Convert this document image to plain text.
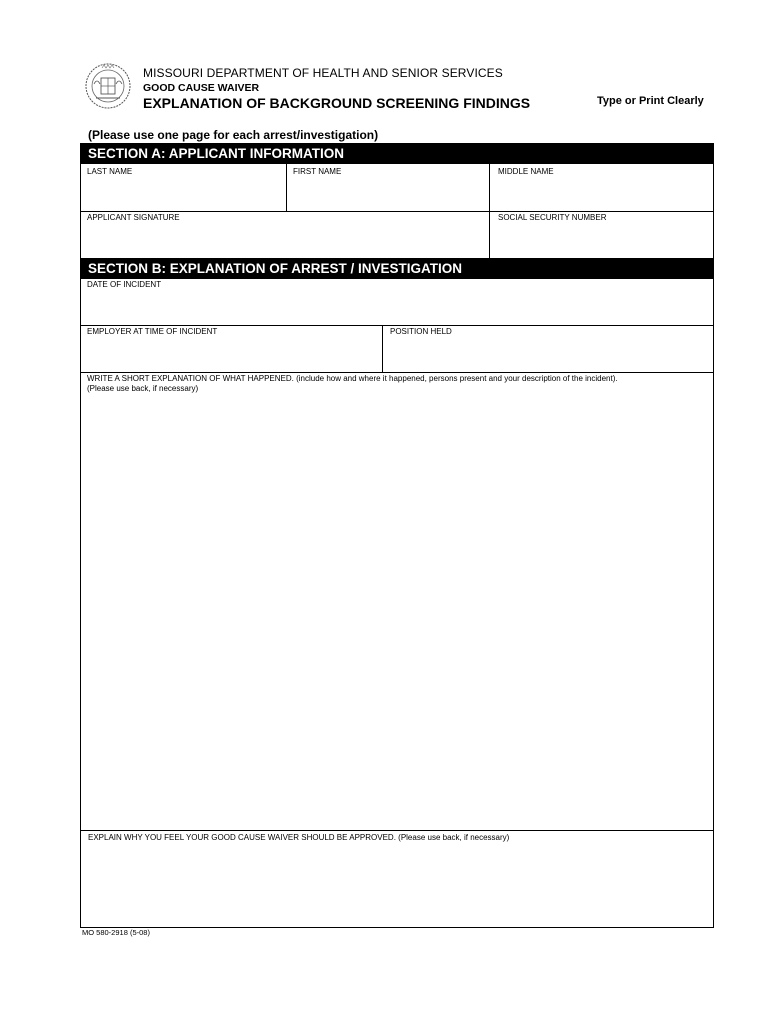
MISSOURI DEPARTMENT OF HEALTH AND SENIOR SERVICES
GOOD CAUSE WAIVER
EXPLANATION OF BACKGROUND SCREENING FINDINGS	Type or Print Clearly
(Please use one page for each arrest/investigation)
SECTION A: APPLICANT INFORMATION
LAST NAME	FIRST NAME	MIDDLE NAME
APPLICANT SIGNATURE	SOCIAL SECURITY NUMBER
SECTION B: EXPLANATION OF ARREST / INVESTIGATION
DATE OF INCIDENT
EMPLOYER AT TIME OF INCIDENT	POSITION HELD
WRITE A SHORT EXPLANATION OF WHAT HAPPENED. (include how and where it happened, persons present and your description of the incident).
(Please use back, if necessary)
EXPLAIN WHY YOU FEEL YOUR GOOD CAUSE WAIVER SHOULD BE APPROVED. (Please use back, if necessary)
MO 580-2918 (5-08)
